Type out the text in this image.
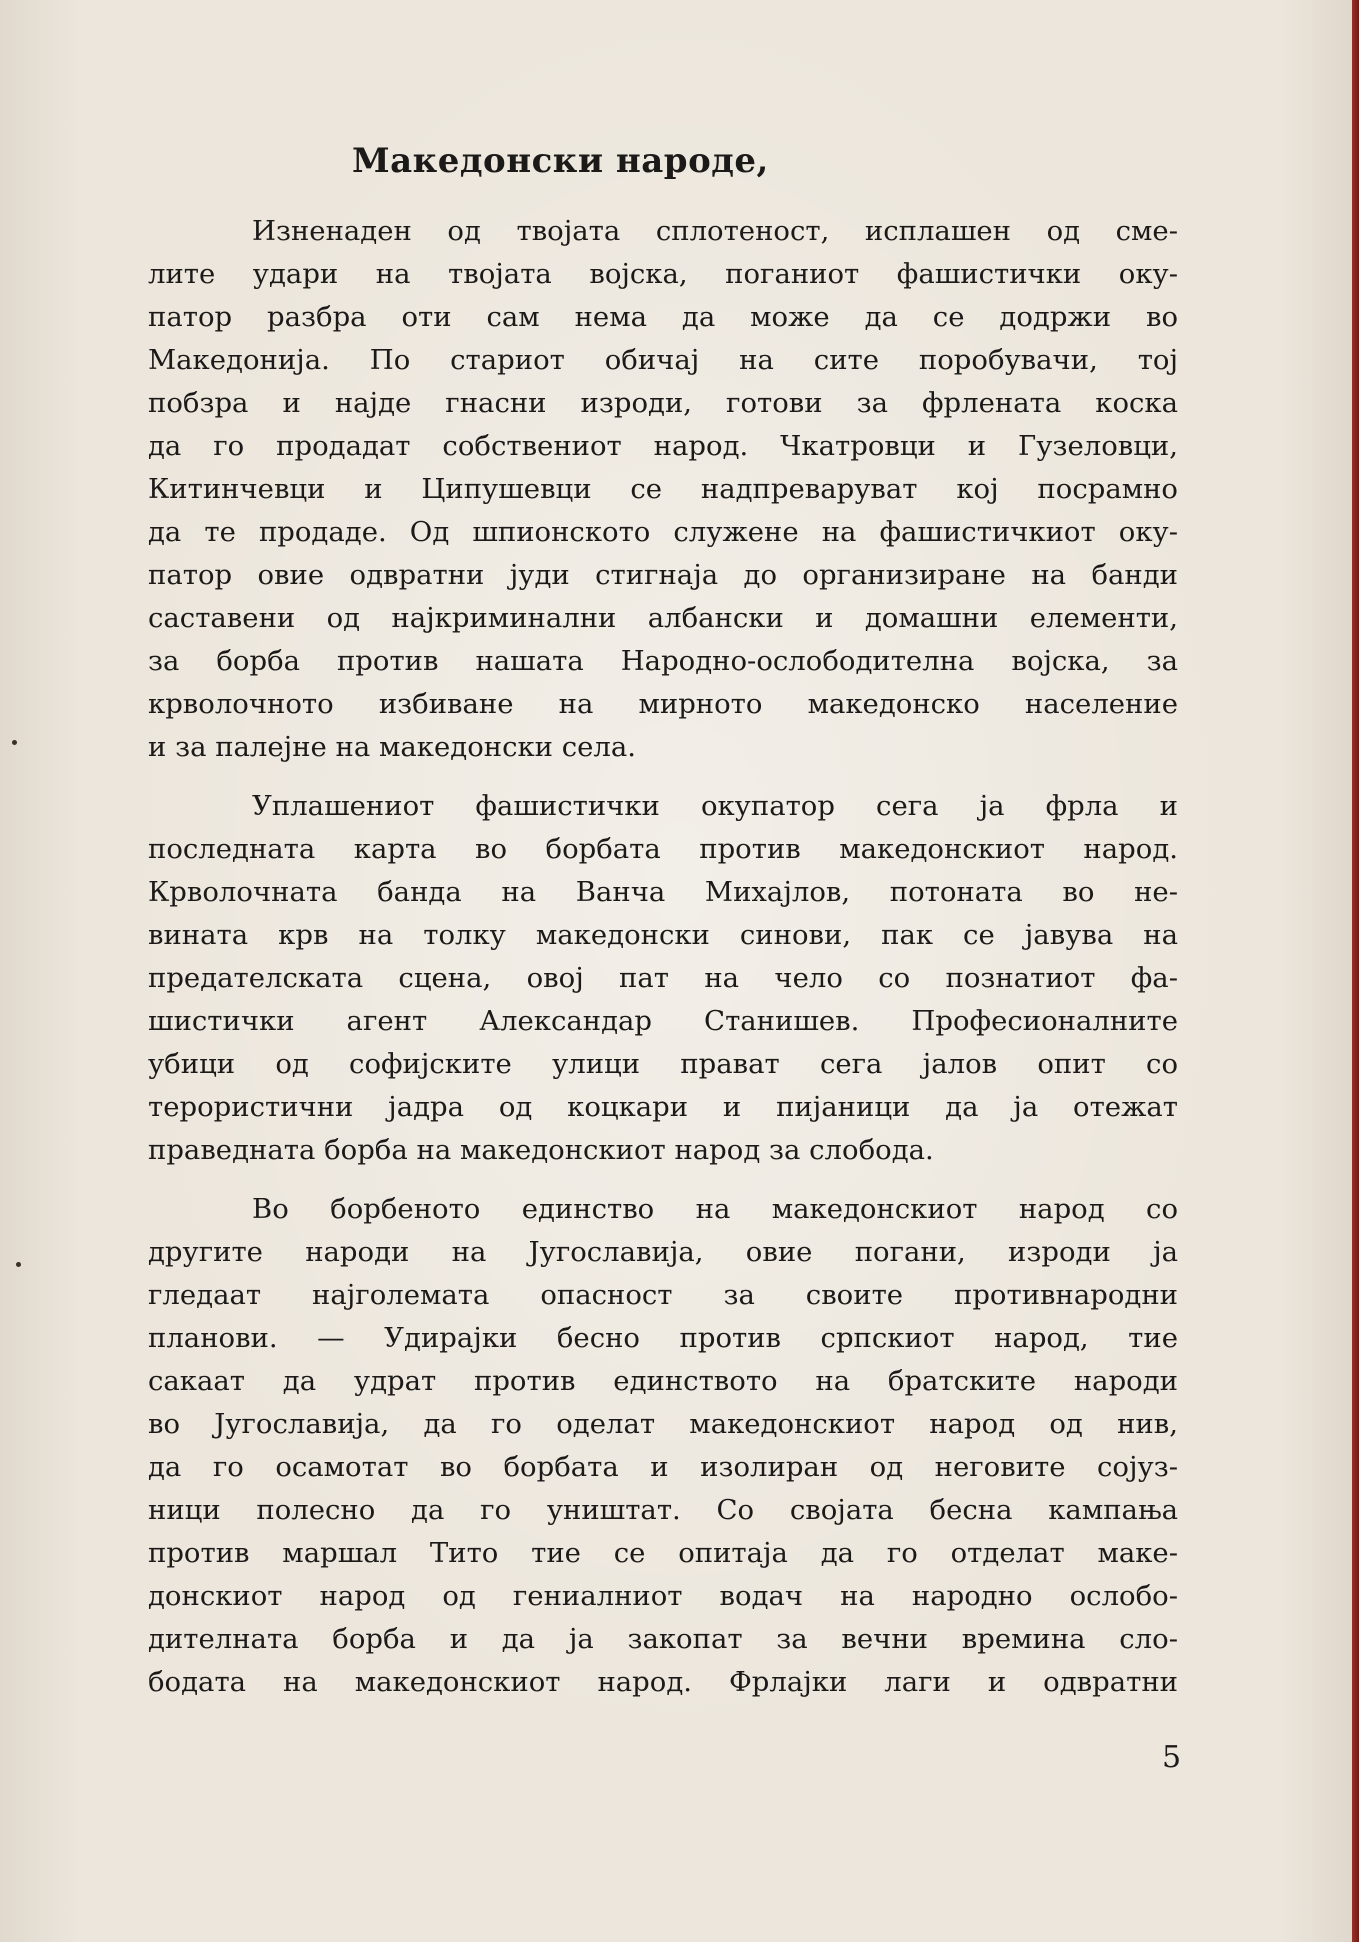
Македонски народе,
Изненаден од твојата сплотеност, исплашен од сме-
лите удари на твојата војска, поганиот фашистички оку-
патор разбра оти сам нема да може да се додржи во
Македонија. По стариот обичај на сите поробувачи, тој
побзра и најде гнасни изроди, готови за фрлената коска
да го продадат собствениот народ. Чкатровци и Гузеловци,
Китинчевци и Ципушевци се надпреваруват кој посрамно
да те продаде. Од шпионското служене на фашистичкиот оку-
патор овие одвратни јуди стигнаја до организиране на банди
саставени од најкриминални албански и домашни елементи,
за борба против нашата Народно-ослободителна војска, за
крволочното избиване на мирното македонско население
и за палејне на македонски села.
Уплашениот фашистички окупатор сега ја фрла и
последната карта во борбата против македонскиот народ.
Крволочната банда на Ванча Михајлов, потоната во не-
вината крв на толку македонски синови, пак се јавува на
предателската сцена, овој пат на чело со познатиот фа-
шистички агент Александар Станишев. Професионалните
убици од софијските улици прават сега јалов опит со
терористични јадра од коцкари и пијаници да ја отежат
праведната борба на македонскиот народ за слобода.
Во борбеното единство на македонскиот народ со
другите народи на Југославија, овие погани, изроди ја
гледаат најголемата опасност за своите противнародни
планови. — Удирајки бесно против српскиот народ, тие
сакаат да удрат против единството на братските народи
во Југославија, да го оделат македонскиот народ од нив,
да го осамотат во борбата и изолиран од неговите сојуз-
ници полесно да го уништат. Со својата бесна кампања
против маршал Тито тие се опитаја да го отделат маке-
донскиот народ од гениалниот водач на народно ослобо-
дителната борба и да ја закопат за вечни времина сло-
бодата на македонскиот народ. Фрлајки лаги и одвратни
5
